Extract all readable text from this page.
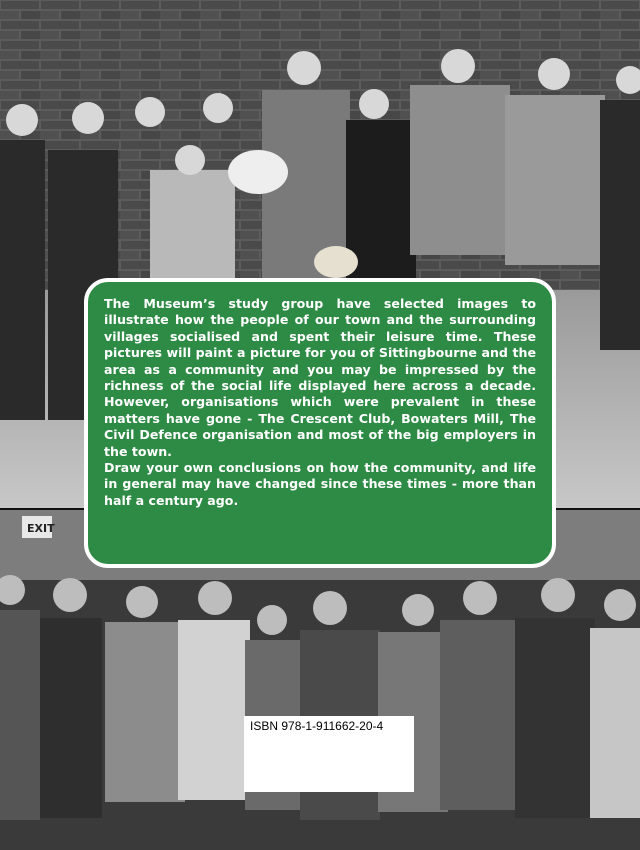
EXIT

The Museum’s study group have selected images to illustrate how the people of our town and the surrounding villages socialised and spent their leisure time. These pictures will paint a picture for you of Sittingbourne and the area as a community and you may be impressed by the richness of the social life displayed here across a decade. However, organisations which were prevalent in these matters have gone - The Crescent Club, Bowaters Mill, The Civil Defence organisation and most of the big employers in the town.

Draw your own conclusions on how the community, and life in general may have changed since these times - more than half a century ago.

ISBN 978-1-911662-20-4
